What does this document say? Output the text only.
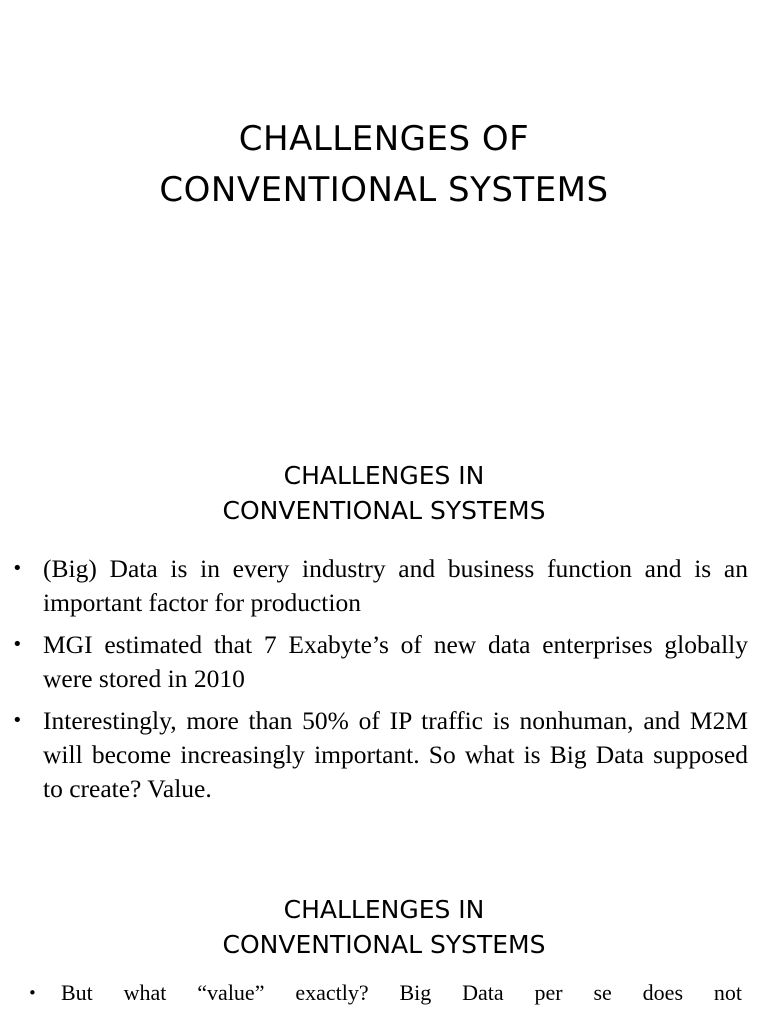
CHALLENGES OF
CONVENTIONAL SYSTEMS
CHALLENGES IN
CONVENTIONAL SYSTEMS
• (Big) Data is in every industry and business function and is an important factor for production
• MGI estimated that 7 Exabyte’s of new data enterprises globally were stored in 2010
• Interestingly, more than 50% of IP traffic is nonhuman, and M2M will become increasingly important. So what is Big Data supposed to create? Value.
CHALLENGES IN
CONVENTIONAL SYSTEMS
• But what “value” exactly? Big Data per se does not
